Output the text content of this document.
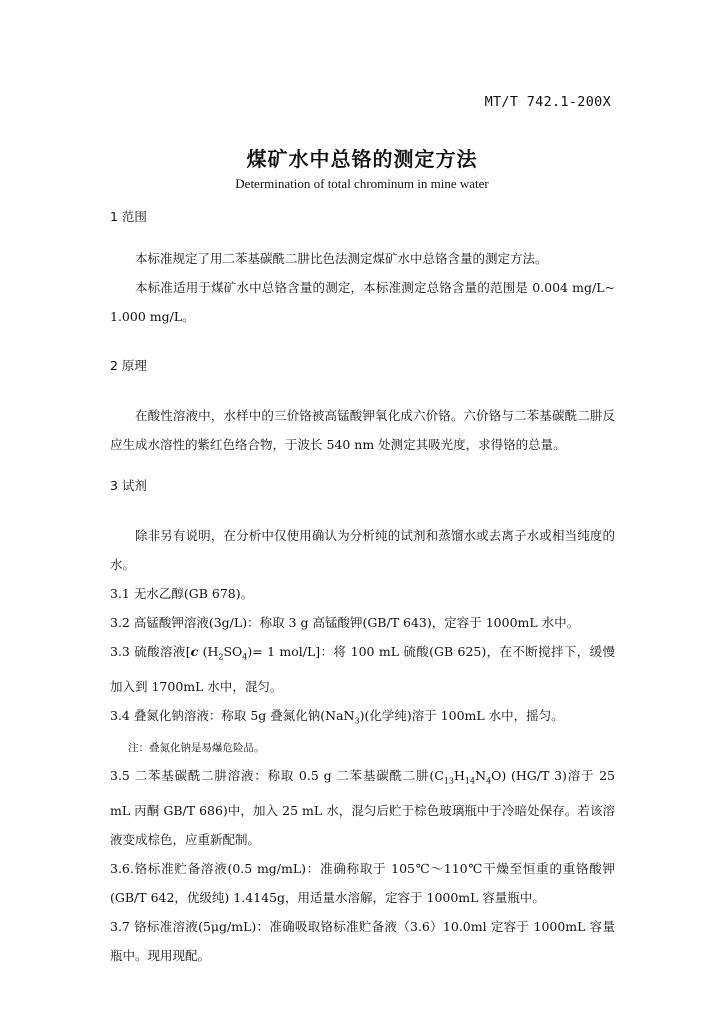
MT/T 742.1-200X
煤矿水中总铬的测定方法
Determination of total chrominum in mine water

1 范围

本标准规定了用二苯基碳酰二肼比色法测定煤矿水中总铬含量的测定方法。

本标准适用于煤矿水中总铬含量的测定，本标准测定总铬含量的范围是 0.004 mg/L~ 1.000 mg/L。

2 原理

在酸性溶液中，水样中的三价铬被高锰酸钾氧化成六价铬。六价铬与二苯基碳酰二肼反应生成水溶性的紫红色络合物，于波长 540 nm 处测定其吸光度，求得铬的总量。

3 试剂

除非另有说明，在分析中仅使用确认为分析纯的试剂和蒸馏水或去离子水或相当纯度的水。

3.1 无水乙醇(GB 678)。

3.2 高锰酸钾溶液(3g/L)：称取 3 g 高锰酸钾(GB/T 643)，定容于 1000mL 水中。

3.3 硫酸溶液[c $(H_2SO_4)= 1$ mol/L]：将 100 mL 硫酸(GB 625)，在不断搅拌下，缓慢加入到 1700mL 水中，混匀。

3.4 叠氮化钠溶液：称取 5g 叠氮化钠(NaN$_3$)(化学纯)溶于 100mL 水中，摇匀。

注：叠氮化钠是易爆危险品。

3.5 二苯基碳酰二肼溶液：称取 0.5 g 二苯基碳酰二肼$(C_{13}H_{14}N_4O)$ (HG/T 3)溶于 25 mL 丙酮 GB/T 686)中，加入 25 mL 水，混匀后贮于棕色玻璃瓶中于冷暗处保存。若该溶液变成棕色，应重新配制。

3.6.铬标准贮备溶液(0.5 mg/mL)：准确称取于 105℃～110℃干燥至恒重的重铬酸钾(GB/T 642，优级纯) 1.4145g，用适量水溶解，定容于 1000mL 容量瓶中。

3.7 铬标准溶液(5μg/mL)：准确吸取铬标准贮备液（3.6）10.0ml 定容于 1000mL 容量瓶中。现用现配。
